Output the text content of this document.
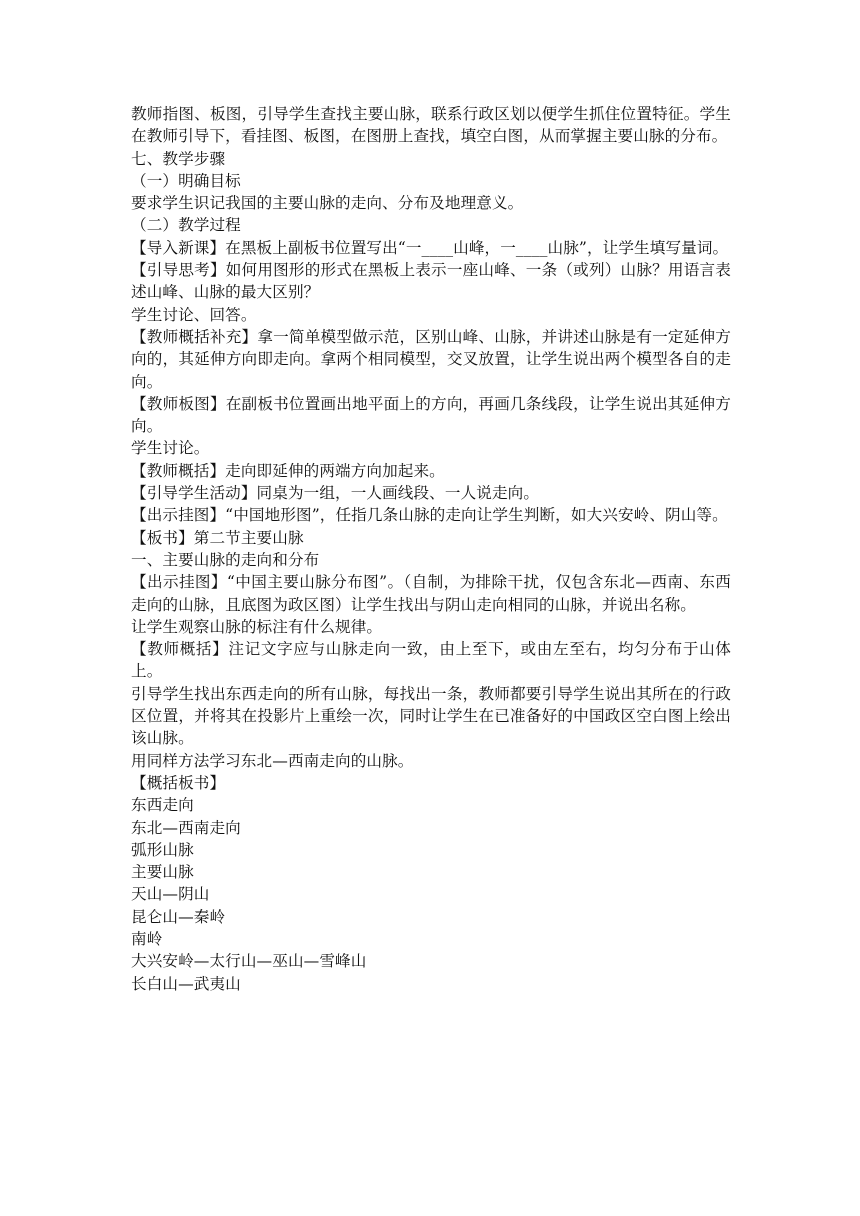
教师指图、板图，引导学生查找主要山脉，联系行政区划以便学生抓住位置特征。学生在教师引导下，看挂图、板图，在图册上查找，填空白图，从而掌握主要山脉的分布。

七、教学步骤

（一）明确目标

要求学生识记我国的主要山脉的走向、分布及地理意义。

（二）教学过程

【导入新课】在黑板上副板书位置写出“一____山峰，一____山脉”，让学生填写量词。

【引导思考】如何用图形的形式在黑板上表示一座山峰、一条（或列）山脉？用语言表述山峰、山脉的最大区别？

学生讨论、回答。

【教师概括补充】拿一简单模型做示范，区别山峰、山脉，并讲述山脉是有一定延伸方向的，其延伸方向即走向。拿两个相同模型，交叉放置，让学生说出两个模型各自的走向。

【教师板图】在副板书位置画出地平面上的方向，再画几条线段，让学生说出其延伸方向。

学生讨论。

【教师概括】走向即延伸的两端方向加起来。

【引导学生活动】同桌为一组，一人画线段、一人说走向。

【出示挂图】“中国地形图”，任指几条山脉的走向让学生判断，如大兴安岭、阴山等。

【板书】第二节主要山脉

一、主要山脉的走向和分布

【出示挂图】“中国主要山脉分布图”。（自制，为排除干扰，仅包含东北—西南、东西走向的山脉，且底图为政区图）让学生找出与阴山走向相同的山脉，并说出名称。

让学生观察山脉的标注有什么规律。

【教师概括】注记文字应与山脉走向一致，由上至下，或由左至右，均匀分布于山体上。

引导学生找出东西走向的所有山脉，每找出一条，教师都要引导学生说出其所在的行政区位置，并将其在投影片上重绘一次，同时让学生在已准备好的中国政区空白图上绘出该山脉。

用同样方法学习东北—西南走向的山脉。

【概括板书】

东西走向

东北—西南走向

弧形山脉

主要山脉

天山—阴山

昆仑山—秦岭

南岭

大兴安岭—太行山—巫山—雪峰山

长白山—武夷山
